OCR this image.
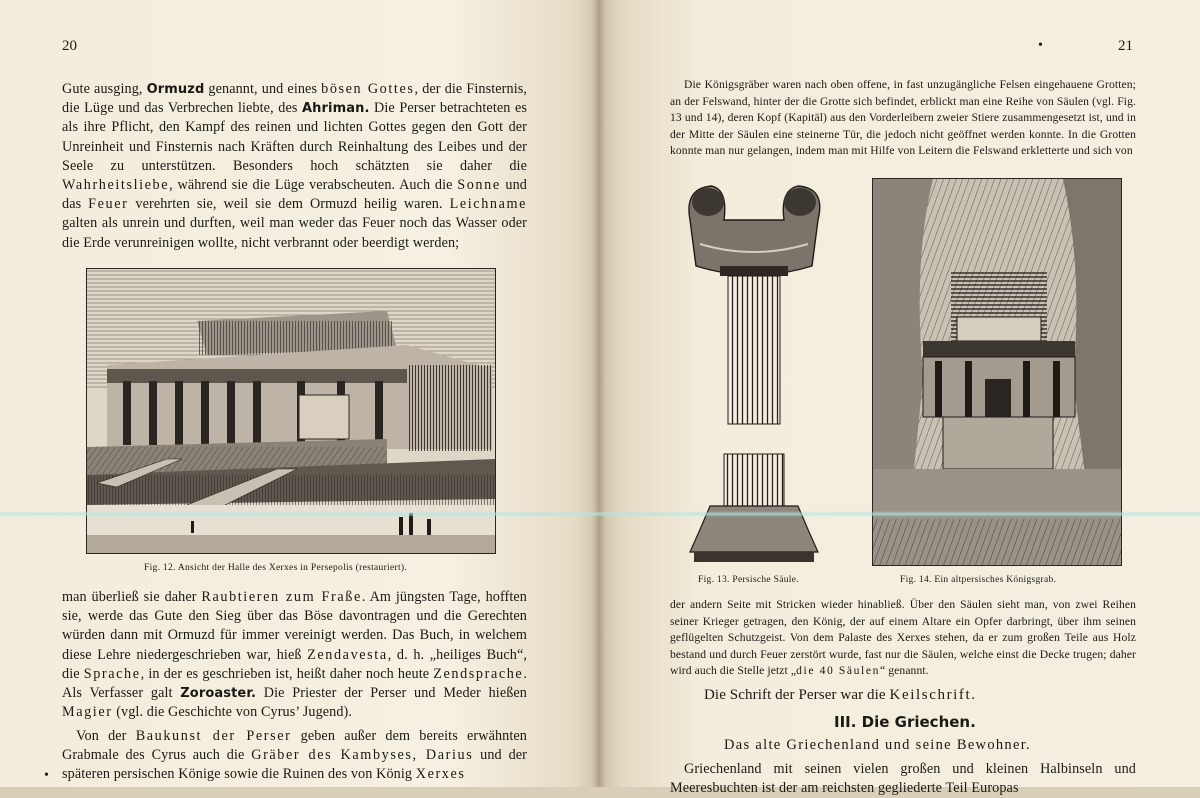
20

Gute ausging, Ormuzd genannt, und eines bösen Gottes, der die Finsternis, die Lüge und das Verbrechen liebte, des Ahriman. Die Perser betrachteten es als ihre Pflicht, den Kampf des reinen und lichten Gottes gegen den Gott der Unreinheit und Finsternis nach Kräften durch Reinhaltung des Leibes und der Seele zu unterstützen. Besonders hoch schätzten sie daher die Wahrheitsliebe, während sie die Lüge verabscheuten. Auch die Sonne und das Feuer verehrten sie, weil sie dem Ormuzd heilig waren. Leichname galten als unrein und durften, weil man weder das Feuer noch das Wasser oder die Erde verunreinigen wollte, nicht verbrannt oder beerdigt werden;

Fig. 12. Ansicht der Halle des Xerxes in Persepolis (restauriert).

man überließ sie daher Raubtieren zum Fraße. Am jüngsten Tage, hofften sie, werde das Gute den Sieg über das Böse davontragen und die Gerechten würden dann mit Ormuzd für immer vereinigt werden. Das Buch, in welchem diese Lehre niedergeschrieben war, hieß Zendavesta, d. h. „heiliges Buch“, die Sprache, in der es geschrieben ist, heißt daher noch heute Zendsprache. Als Verfasser galt Zoroaster. Die Priester der Perser und Meder hießen Magier (vgl. die Geschichte von Cyrus’ Jugend).

Von der Baukunst der Perser geben außer dem bereits erwähnten Grabmale des Cyrus auch die Gräber des Kambyses, Darius und der späteren persischen Könige sowie die Ruinen des von König Xerxes

•
•	21

Die Königsgräber waren nach oben offene, in fast unzugängliche Felsen eingehauene Grotten; an der Felswand, hinter der die Grotte sich befindet, erblickt man eine Reihe von Säulen (vgl. Fig. 13 und 14), deren Kopf (Kapitäl) aus den Vorderleibern zweier Stiere zusammengesetzt ist, und in der Mitte der Säulen eine steinerne Tür, die jedoch nicht geöffnet werden konnte. In die Grotten konnte man nur gelangen, indem man mit Hilfe von Leitern die Felswand erkletterte und sich von

Fig. 13. Persische Säule.	Fig. 14. Ein altpersisches Königsgrab.

der andern Seite mit Stricken wieder hinabließ. Über den Säulen sieht man, von zwei Reihen seiner Krieger getragen, den König, der auf einem Altare ein Opfer darbringt, über ihm seinen geflügelten Schutzgeist. Von dem Palaste des Xerxes stehen, da er zum großen Teile aus Holz bestand und durch Feuer zerstört wurde, fast nur die Säulen, welche einst die Decke trugen; daher wird auch die Stelle jetzt „die 40 Säulen“ genannt.

Die Schrift der Perser war die Keilschrift.

III. Die Griechen.
Das alte Griechenland und seine Bewohner.

Griechenland mit seinen vielen großen und kleinen Halbinseln und Meeresbuchten ist der am reichsten gegliederte Teil Europas
